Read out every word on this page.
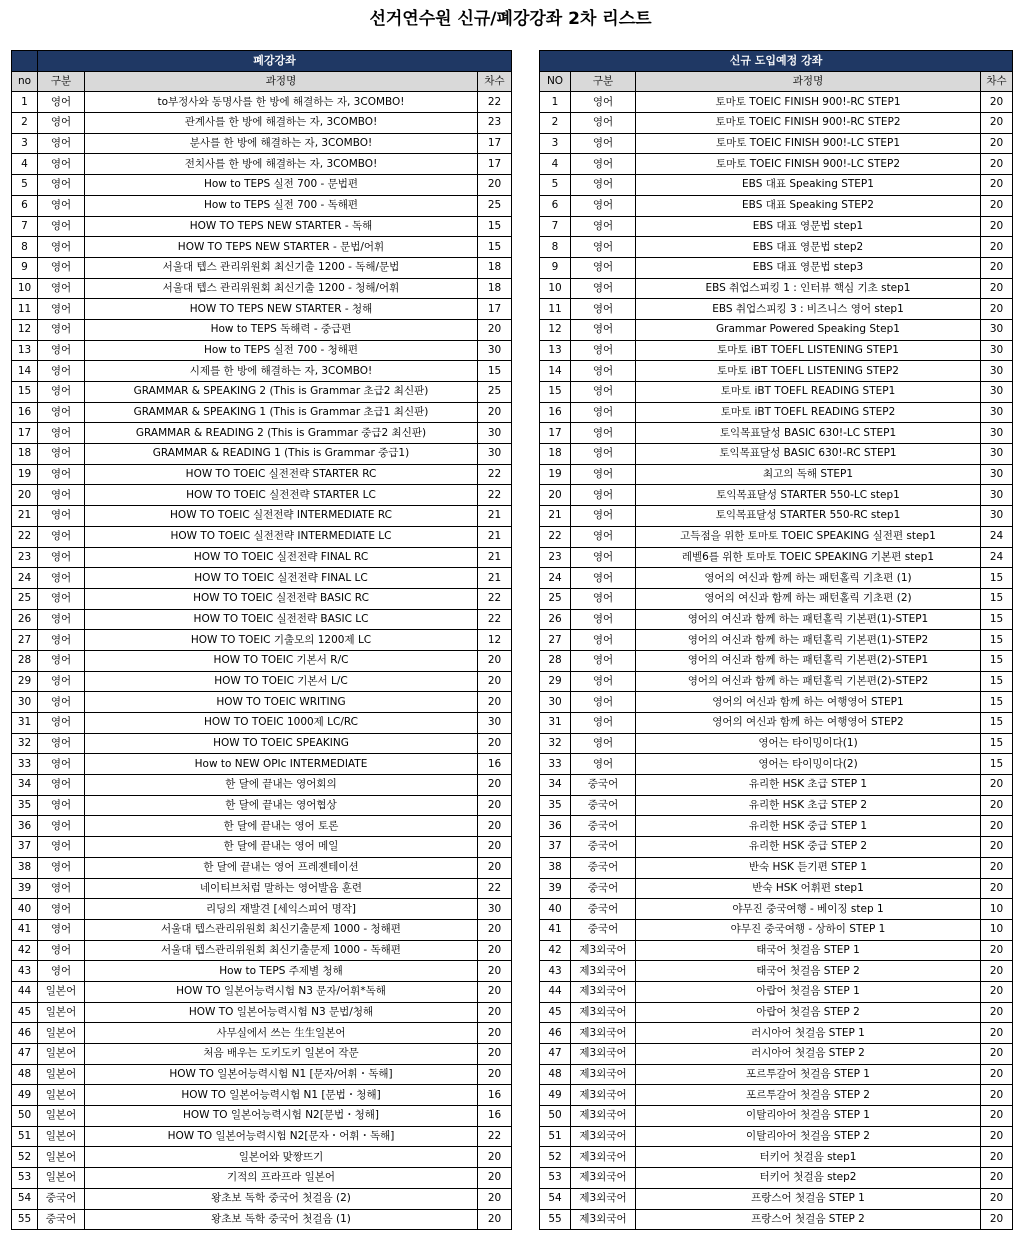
선거연수원 신규/폐강강좌 2차 리스트
	폐강강좌		
no	구분	과정명	차수
1	영어	to부정사와 동명사를 한 방에 해결하는 자, 3COMBO!	22
2	영어	관계사를 한 방에 해결하는 자, 3COMBO!	23
3	영어	분사를 한 방에 해결하는 자, 3COMBO!	17
4	영어	전치사를 한 방에 해결하는 자, 3COMBO!	17
5	영어	How to TEPS 실전 700 - 문법편	20
6	영어	How to TEPS 실전 700 - 독해편	25
7	영어	HOW TO TEPS NEW STARTER - 독해	15
8	영어	HOW TO TEPS NEW STARTER - 문법/어휘	15
9	영어	서울대 텝스 관리위원회 최신기출 1200 - 독해/문법	18
10	영어	서울대 텝스 관리위원회 최신기출 1200 - 청해/어휘	18
11	영어	HOW TO TEPS NEW STARTER - 청해	17
12	영어	How to TEPS 독해력 - 중급편	20
13	영어	How to TEPS 실전 700 - 청해편	30
14	영어	시제를 한 방에 해결하는 자, 3COMBO!	15
15	영어	GRAMMAR & SPEAKING 2 (This is Grammar 초급2 최신판)	25
16	영어	GRAMMAR & SPEAKING 1 (This is Grammar 초급1 최신판)	20
17	영어	GRAMMAR & READING 2 (This is Grammar 중급2 최신판)	30
18	영어	GRAMMAR & READING 1 (This is Grammar 중급1)	30
19	영어	HOW TO TOEIC 실전전략 STARTER RC	22
20	영어	HOW TO TOEIC 실전전략 STARTER LC	22
21	영어	HOW TO TOEIC 실전전략 INTERMEDIATE RC	21
22	영어	HOW TO TOEIC 실전전략 INTERMEDIATE LC	21
23	영어	HOW TO TOEIC 실전전략 FINAL RC	21
24	영어	HOW TO TOEIC 실전전략 FINAL LC	21
25	영어	HOW TO TOEIC 실전전략 BASIC RC	22
26	영어	HOW TO TOEIC 실전전략 BASIC LC	22
27	영어	HOW TO TOEIC 기출모의 1200제 LC	12
28	영어	HOW TO TOEIC 기본서 R/C	20
29	영어	HOW TO TOEIC 기본서 L/C	20
30	영어	HOW TO TOEIC WRITING	20
31	영어	HOW TO TOEIC 1000제 LC/RC	30
32	영어	HOW TO TOEIC SPEAKING	20
33	영어	How to NEW OPIc INTERMEDIATE	16
34	영어	한 달에 끝내는 영어회의	20
35	영어	한 달에 끝내는 영어협상	20
36	영어	한 달에 끝내는 영어 토론	20
37	영어	한 달에 끝내는 영어 메일	20
38	영어	한 달에 끝내는 영어 프레젠테이션	20
39	영어	네이티브처럼 말하는 영어발음 훈련	22
40	영어	리딩의 재발견 [세익스피어 명작]	30
41	영어	서울대 텝스관리위원회 최신기출문제 1000 - 청해편	20
42	영어	서울대 텝스관리위원회 최신기출문제 1000 - 독해편	20
43	영어	How to TEPS 주제별 청해	20
44	일본어	HOW TO 일본어능력시험 N3 문자/어휘*독해	20
45	일본어	HOW TO 일본어능력시험 N3 문법/청해	20
46	일본어	사무실에서 쓰는 生生일본어	20
47	일본어	처음 배우는 도키도키 일본어 작문	20
48	일본어	HOW TO 일본어능력시험 N1 [문자/어휘・독해]	20
49	일본어	HOW TO 일본어능력시험 N1 [문법・청해]	16
50	일본어	HOW TO 일본어능력시험 N2[문법・청해]	16
51	일본어	HOW TO 일본어능력시험 N2[문자・어휘・독해]	22
52	일본어	일본어와 맞짱뜨기	20
53	일본어	기적의 프라프라 일본어	20
54	중국어	왕초보 독학 중국어 첫걸음 (2)	20
55	중국어	왕초보 독학 중국어 첫걸음 (1)	20
신규 도입예정 강좌			
NO	구분	과정명	차수
1	영어	토마토 TOEIC FINISH 900!-RC STEP1	20
2	영어	토마토 TOEIC FINISH 900!-RC STEP2	20
3	영어	토마토 TOEIC FINISH 900!-LC STEP1	20
4	영어	토마토 TOEIC FINISH 900!-LC STEP2	20
5	영어	EBS 대표 Speaking STEP1	20
6	영어	EBS 대표 Speaking STEP2	20
7	영어	EBS 대표 영문법 step1	20
8	영어	EBS 대표 영문법 step2	20
9	영어	EBS 대표 영문법 step3	20
10	영어	EBS 취업스피킹 1 : 인터뷰 핵심 기초 step1	20
11	영어	EBS 취업스피킹 3 : 비즈니스 영어 step1	20
12	영어	Grammar Powered Speaking Step1	30
13	영어	토마토 iBT TOEFL LISTENING STEP1	30
14	영어	토마토 iBT TOEFL LISTENING STEP2	30
15	영어	토마토 iBT TOEFL READING STEP1	30
16	영어	토마토 iBT TOEFL READING STEP2	30
17	영어	토익목표달성 BASIC 630!-LC STEP1	30
18	영어	토익목표달성 BASIC 630!-RC STEP1	30
19	영어	최고의 독해 STEP1	30
20	영어	토익목표달성 STARTER 550-LC step1	30
21	영어	토익목표달성 STARTER 550-RC step1	30
22	영어	고득점을 위한 토마토 TOEIC SPEAKING 실전편 step1	24
23	영어	레벨6를 위한 토마토 TOEIC SPEAKING 기본편 step1	24
24	영어	영어의 여신과 함께 하는 패턴홀릭 기초편 (1)	15
25	영어	영어의 여신과 함께 하는 패턴홀릭 기초편 (2)	15
26	영어	영어의 여신과 함께 하는 패턴홀릭 기본편(1)-STEP1	15
27	영어	영어의 여신과 함께 하는 패턴홀릭 기본편(1)-STEP2	15
28	영어	영어의 여신과 함께 하는 패턴홀릭 기본편(2)-STEP1	15
29	영어	영어의 여신과 함께 하는 패턴홀릭 기본편(2)-STEP2	15
30	영어	영어의 여신과 함께 하는 여행영어 STEP1	15
31	영어	영어의 여신과 함께 하는 여행영어 STEP2	15
32	영어	영어는 타이밍이다(1)	15
33	영어	영어는 타이밍이다(2)	15
34	중국어	유리한 HSK 초급 STEP 1	20
35	중국어	유리한 HSK 초급 STEP 2	20
36	중국어	유리한 HSK 중급 STEP 1	20
37	중국어	유리한 HSK 중급 STEP 2	20
38	중국어	반숙 HSK 듣기편 STEP 1	20
39	중국어	반숙 HSK 어휘편 step1	20
40	중국어	야무진 중국여행 - 베이징 step 1	10
41	중국어	야무진 중국여행 - 상하이 STEP 1	10
42	제3외국어	태국어 첫걸음 STEP 1	20
43	제3외국어	태국어 첫걸음 STEP 2	20
44	제3외국어	아랍어 첫걸음 STEP 1	20
45	제3외국어	아랍어 첫걸음 STEP 2	20
46	제3외국어	러시아어 첫걸음 STEP 1	20
47	제3외국어	러시아어 첫걸음 STEP 2	20
48	제3외국어	포르투갈어 첫걸음 STEP 1	20
49	제3외국어	포르투갈어 첫걸음 STEP 2	20
50	제3외국어	이탈리아어 첫걸음 STEP 1	20
51	제3외국어	이탈리아어 첫걸음 STEP 2	20
52	제3외국어	터키어 첫걸음 step1	20
53	제3외국어	터키어 첫걸음 step2	20
54	제3외국어	프랑스어 첫걸음 STEP 1	20
55	제3외국어	프랑스어 첫걸음 STEP 2	20
